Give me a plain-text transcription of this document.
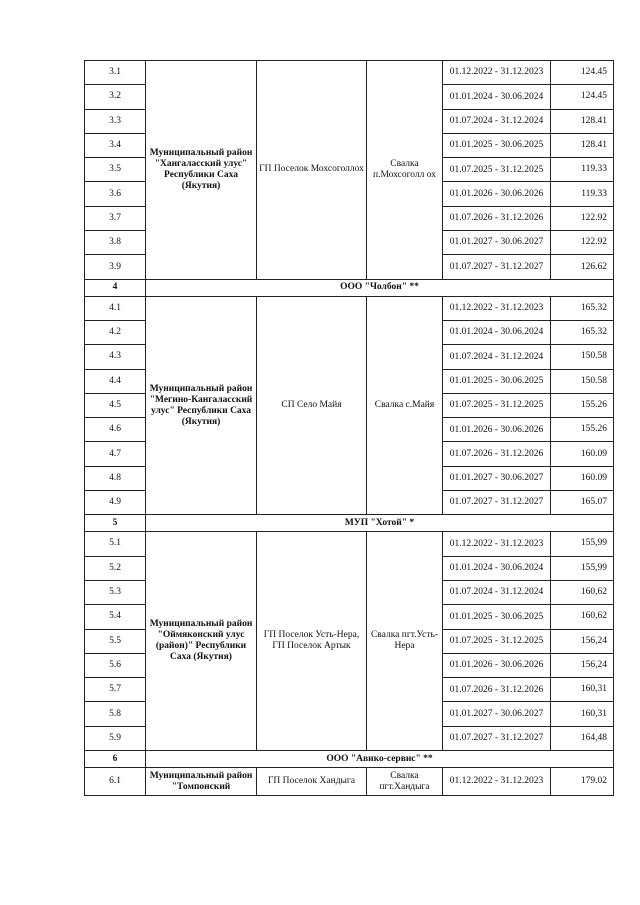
3.1	Муниципальный район "Хангаласский улус" Республики Саха (Якутия)	ГП Поселок Мохсоголлох	Свалка п.Мохсоголл ох	01.12.2022 - 31.12.2023	124.45
3.2				01.01.2024 - 30.06.2024	124.45
3.3				01.07.2024 - 31.12.2024	128.41
3.4				01.01.2025 - 30.06.2025	128.41
3.5				01.07.2025 - 31.12.2025	119.33
3.6				01.01.2026 - 30.06.2026	119.33
3.7				01.07.2026 - 31.12.2026	122.92
3.8				01.01.2027 - 30.06.2027	122.92
3.9				01.07.2027 - 31.12.2027	126.62
4	ООО "Чолбон" **				
4.1	Муниципальный район "Мегино-Кангаласский улус" Республики Саха (Якутия)	СП Село Майя	Свалка с.Майя	01.12.2022 - 31.12.2023	165.32
4.2				01.01.2024 - 30.06.2024	165.32
4.3				01.07.2024 - 31.12.2024	150.58
4.4				01.01.2025 - 30.06.2025	150.58
4.5				01.07.2025 - 31.12.2025	155.26
4.6				01.01.2026 - 30.06.2026	155.26
4.7				01.07.2026 - 31.12.2026	160.09
4.8				01.01.2027 - 30.06.2027	160.09
4.9				01.07.2027 - 31.12.2027	165.07
5	МУП "Хотой" *				
5.1	Муниципальный район "Оймяконский улус (район)" Республики Саха (Якутия)	ГП Поселок Усть-Нера, ГП Поселок Артык	Свалка пгт.Усть-Нера	01.12.2022 - 31.12.2023	155,99
5.2				01.01.2024 - 30.06.2024	155,99
5.3				01.07.2024 - 31.12.2024	160,62
5.4				01.01.2025 - 30.06.2025	160,62
5.5				01.07.2025 - 31.12.2025	156,24
5.6				01.01.2026 - 30.06.2026	156,24
5.7				01.07.2026 - 31.12.2026	160,31
5.8				01.01.2027 - 30.06.2027	160,31
5.9				01.07.2027 - 31.12.2027	164,48
6	ООО "Авико-сервис" **				
6.1	Муниципальный район "Томпонский	ГП Поселок Хандыга	Свалка пгт.Хандыга	01.12.2022 - 31.12.2023	179.02
